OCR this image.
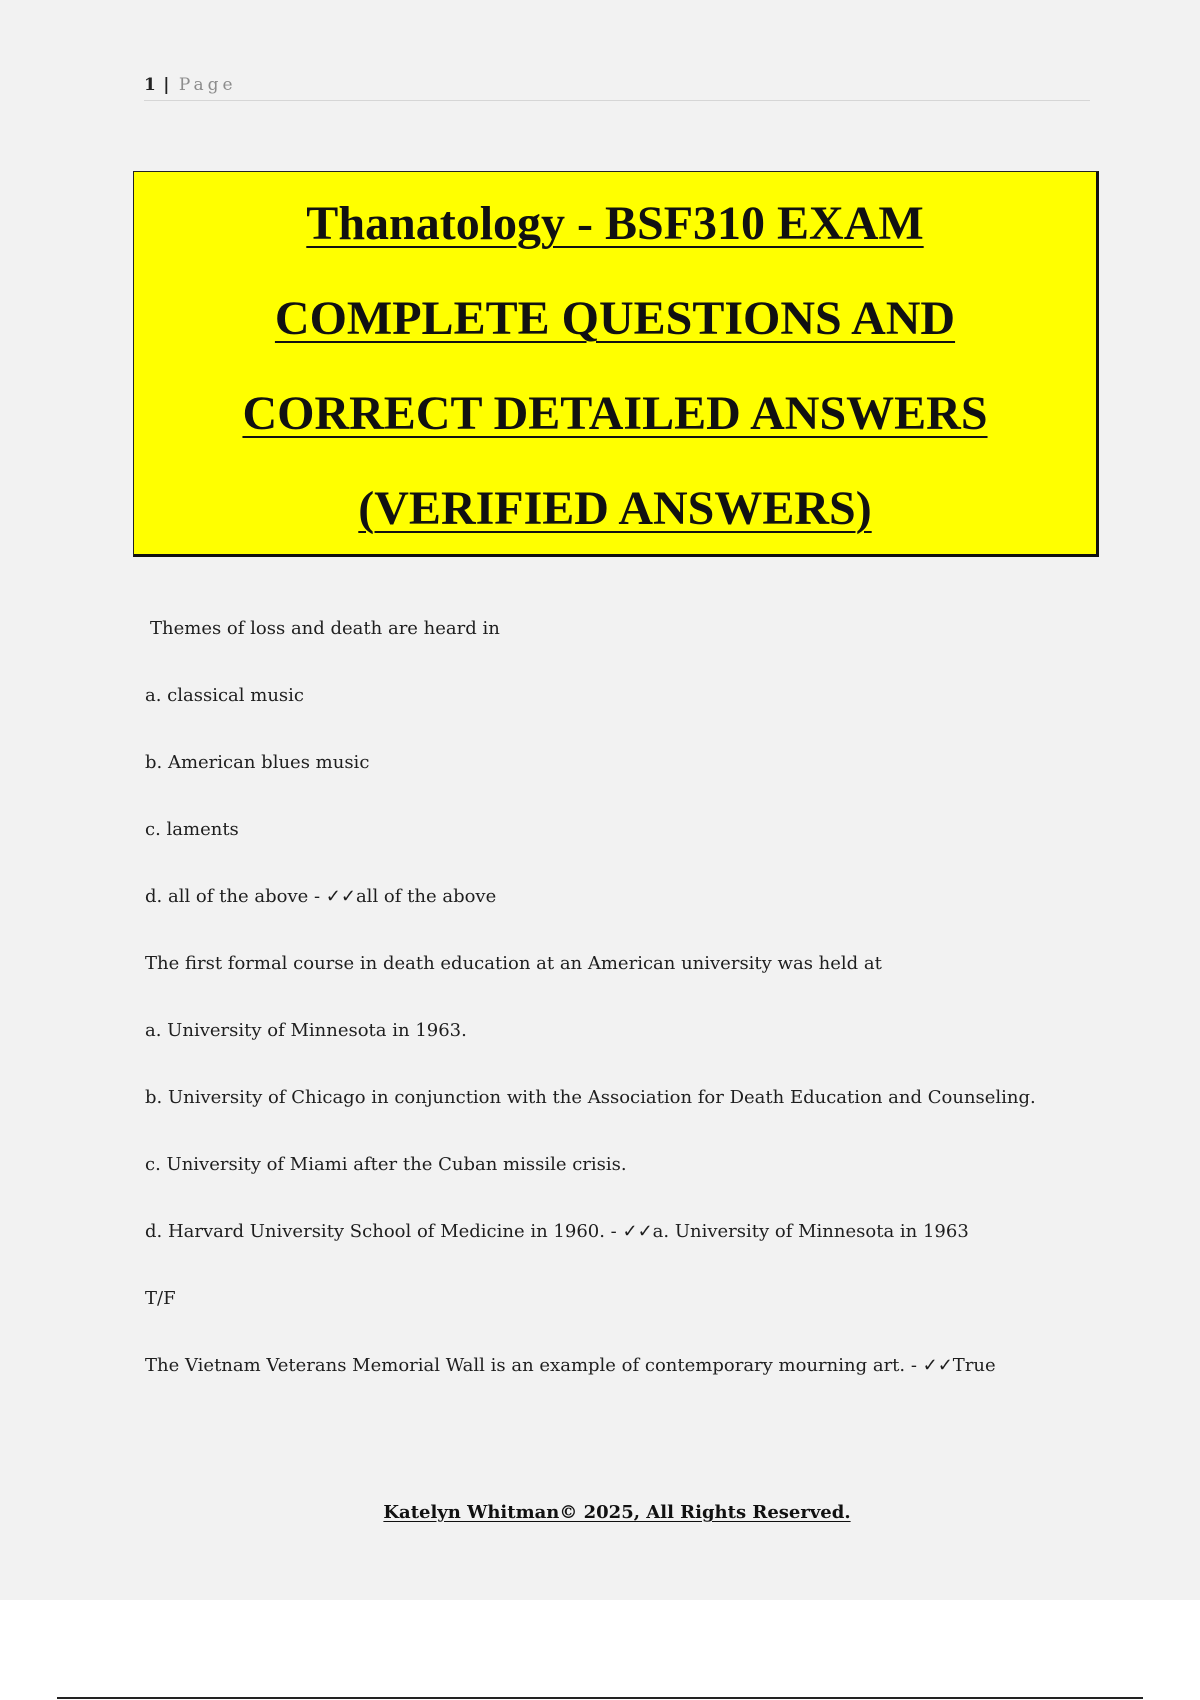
1 | Page
Thanatology - BSF310 EXAM
COMPLETE QUESTIONS AND
CORRECT DETAILED ANSWERS
(VERIFIED ANSWERS)
Themes of loss and death are heard in
a. classical music
b. American blues music
c. laments
d. all of the above - ✓✓all of the above
The first formal course in death education at an American university was held at
a. University of Minnesota in 1963.
b. University of Chicago in conjunction with the Association for Death Education and Counseling.
c. University of Miami after the Cuban missile crisis.
d. Harvard University School of Medicine in 1960. - ✓✓a. University of Minnesota in 1963
T/F
The Vietnam Veterans Memorial Wall is an example of contemporary mourning art. - ✓✓True
Katelyn Whitman© 2025, All Rights Reserved.
